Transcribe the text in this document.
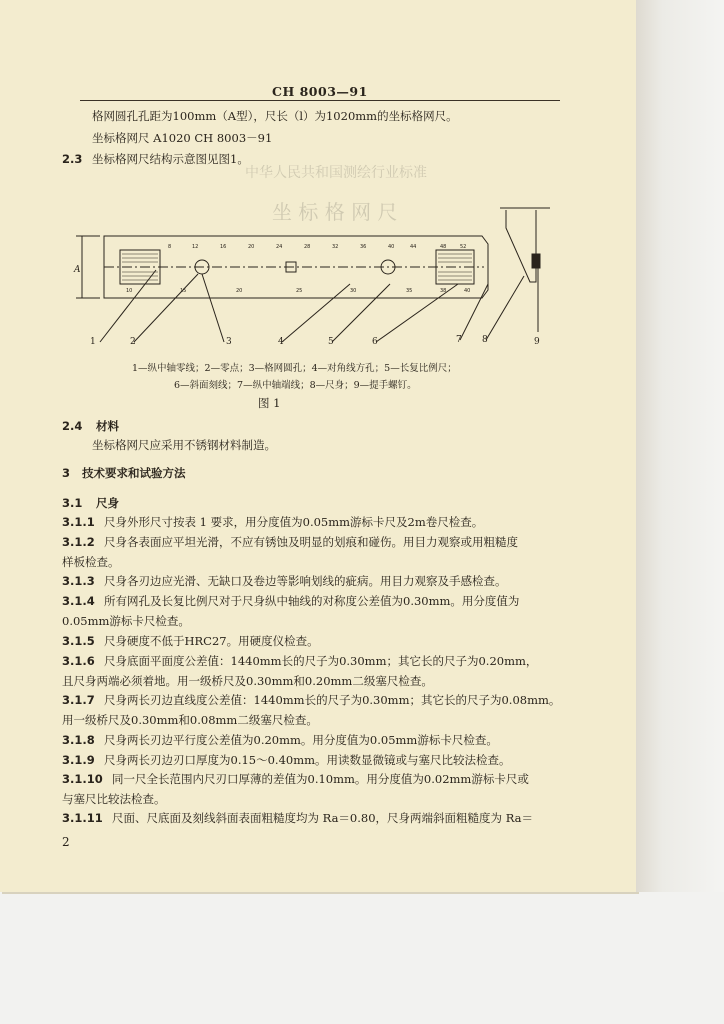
中华人民共和国测绘行业标准
坐 标 格 网 尺
CH 8003—91
格网圆孔孔距为100mm（A型），尺长（l）为1020mm的坐标格网尺。
坐标格网尺 A1020 CH 8003－91
2.3 坐标格网尺结构示意图见图1。
8	12	16	20	24	28	32	36	40	44	48	52
10	15	20	25	30	35	38	40
A
1	2	3	4	5	6	7 8	9
1—纵中轴零线；2—零点；3—格网圆孔；4—对角线方孔；5—长复比例尺；
6—斜面刻线；7—纵中轴端线；8—尺身；9—提手螺钉。
图 1
2.4 材料
坐标格网尺应采用不锈钢材料制造。
3 技术要求和试验方法
3.1 尺身
3.1.1 尺身外形尺寸按表 1 要求，用分度值为0.05mm游标卡尺及2m卷尺检查。
3.1.2 尺身各表面应平坦光滑，不应有锈蚀及明显的划痕和碰伤。用目力观察或用粗糙度
样板检查。
3.1.3 尺身各刃边应光滑、无缺口及卷边等影响划线的疵病。用目力观察及手感检查。
3.1.4 所有网孔及长复比例尺对于尺身纵中轴线的对称度公差值为0.30mm。用分度值为
0.05mm游标卡尺检查。
3.1.5 尺身硬度不低于HRC27。用硬度仪检查。
3.1.6 尺身底面平面度公差值：1440mm长的尺子为0.30mm；其它长的尺子为0.20mm，
且尺身两端必须着地。用一级桥尺及0.30mm和0.20mm二级塞尺检查。
3.1.7 尺身两长刃边直线度公差值：1440mm长的尺子为0.30mm；其它长的尺子为0.08mm。
用一级桥尺及0.30mm和0.08mm二级塞尺检查。
3.1.8 尺身两长刃边平行度公差值为0.20mm。用分度值为0.05mm游标卡尺检查。
3.1.9 尺身两长刃边刃口厚度为0.15～0.40mm。用读数显微镜或与塞尺比较法检查。
3.1.10 同一尺全长范围内尺刃口厚薄的差值为0.10mm。用分度值为0.02mm游标卡尺或
与塞尺比较法检查。
3.1.11 尺面、尺底面及刻线斜面表面粗糙度均为 Ra＝0.80，尺身两端斜面粗糙度为 Ra＝
2
